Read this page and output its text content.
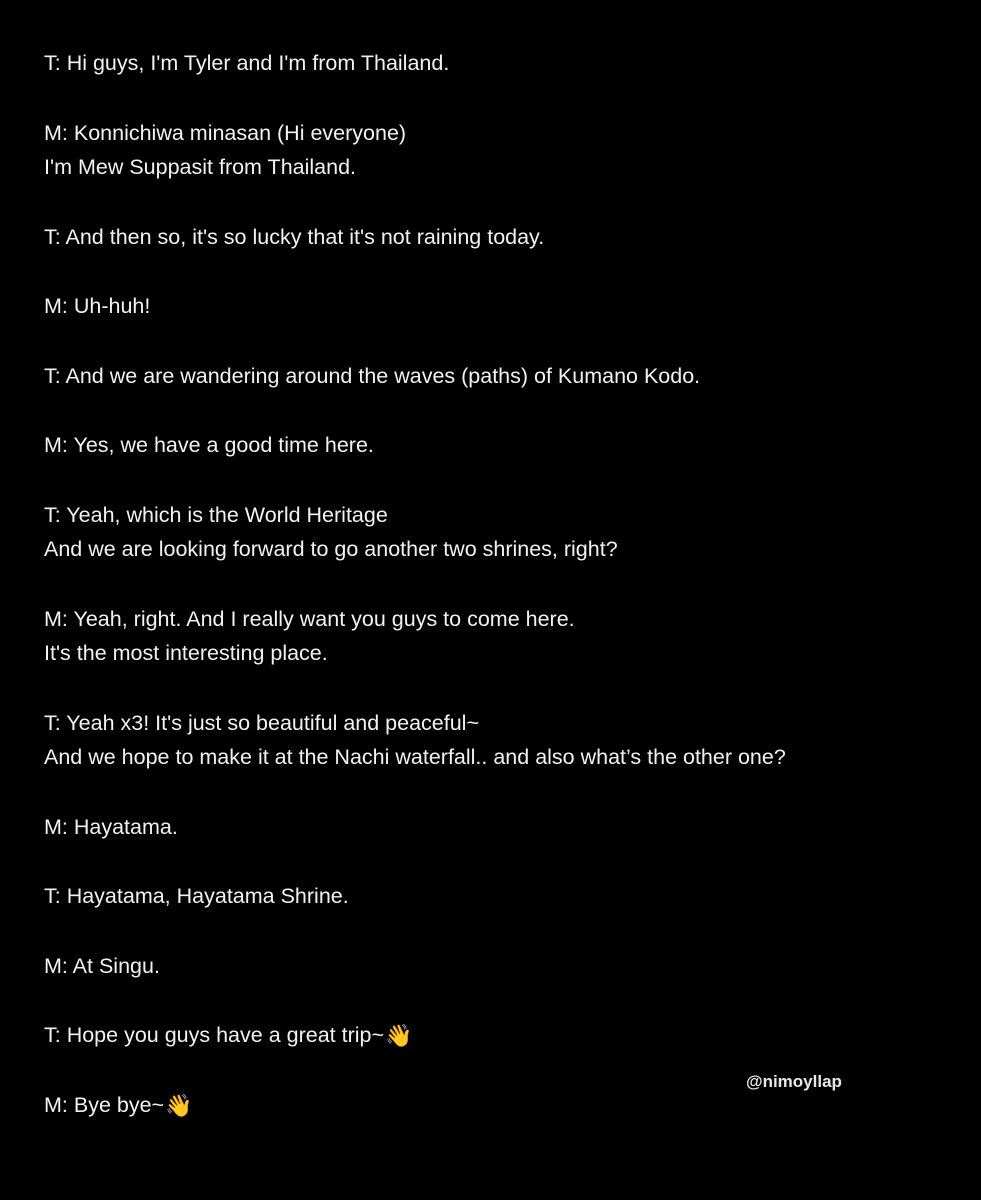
T: Hi guys, I'm Tyler and I'm from Thailand.
M: Konnichiwa minasan (Hi everyone)
I'm Mew Suppasit from Thailand.
T: And then so, it's so lucky that it's not raining today.
M: Uh-huh!
T: And we are wandering around the waves (paths) of Kumano Kodo.
M: Yes, we have a good time here.
T: Yeah, which is the World Heritage
And we are looking forward to go another two shrines, right?
M: Yeah, right. And I really want you guys to come here.
It's the most interesting place.
T: Yeah x3! It's just so beautiful and peaceful~
And we hope to make it at the Nachi waterfall.. and also what’s the other one?
M: Hayatama.
T: Hayatama, Hayatama Shrine.
M: At Singu.
T: Hope you guys have a great trip~👋
M: Bye bye~👋
@nimoyllap
